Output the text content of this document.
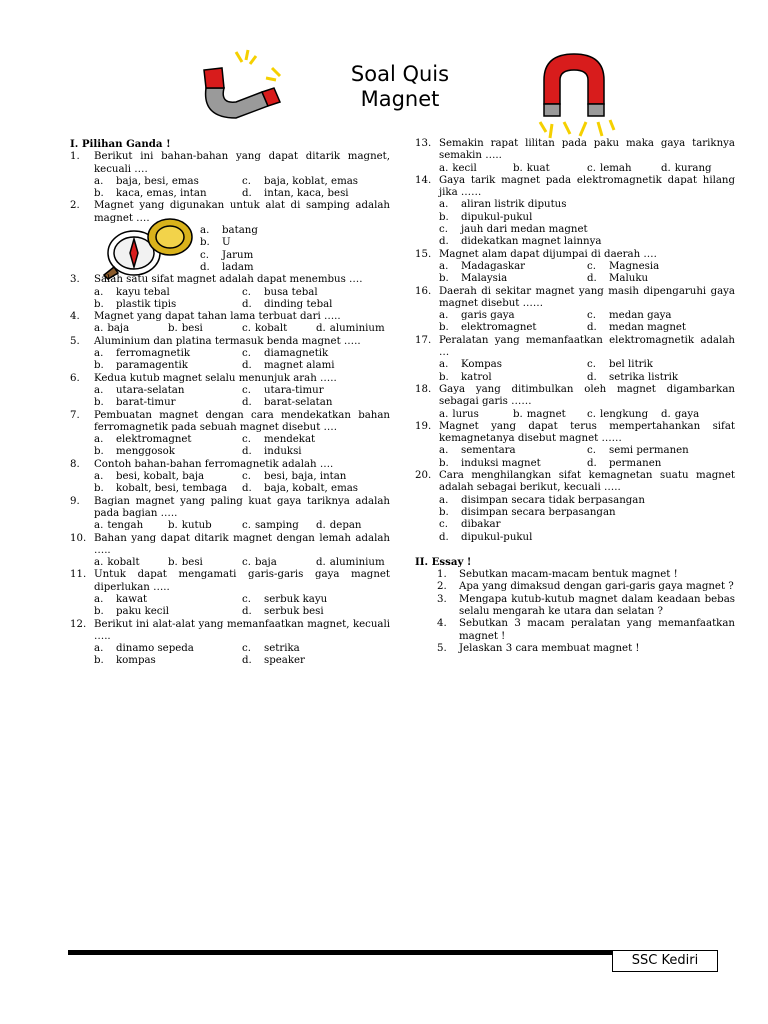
Soal Quis
Magnet
I. Pilihan Ganda !
1.	Berikut ini bahan-bahan yang dapat ditarik magnet, kecuali ….
a.	baja, besi, emas	c.	baja, koblat, emas
b.	kaca, emas, intan	d.	intan, kaca, besi
2.	Magnet yang digunakan untuk alat di samping adalah magnet ….
a.	batang
b.	U
c.	Jarum
d.	ladam
3.	Salah satu sifat magnet adalah dapat menembus ….
a.	kayu tebal	c.	busa tebal
b.	plastik tipis	d.	dinding tebal
4.	Magnet yang dapat tahan lama terbuat dari …..
a. baja	b. besi	c. kobalt	d. aluminium
5.	Aluminium dan platina termasuk benda magnet …..
a.	ferromagnetik	c.	diamagnetik
b.	paramagentik	d.	magnet alami
6.	Kedua kutub magnet selalu menunjuk arah …..
a.	utara-selatan	c.	utara-timur
b.	barat-timur	d.	barat-selatan
7.	Pembuatan magnet dengan cara mendekatkan bahan ferromagnetik pada sebuah magnet disebut ….
a.	elektromagnet	c.	mendekat
b.	menggosok	d.	induksi
8.	Contoh bahan-bahan ferromagnetik adalah ….
a.	besi, kobalt, baja	c.	besi, baja, intan
b.	kobalt, besi, tembaga d.	baja, kobalt, emas
9.	Bagian magnet yang paling kuat gaya tariknya adalah pada bagian …..
a. tengah b. kutub	c. samping d. depan
10. Bahan yang dapat ditarik magnet dengan lemah adalah …..
a. kobalt	b. besi	c. baja	d. aluminium
11. Untuk dapat mengamati garis-garis gaya magnet diperlukan …..
a.	kawat	c.	serbuk kayu
b.	paku kecil	d.	serbuk besi
12. Berikut ini alat-alat yang memanfaatkan magnet, kecuali …..
a.	dinamo sepeda	c.	setrika
b.	kompas	d.	speaker
13. Semakin rapat lilitan pada paku maka gaya tariknya semakin …..
a. kecil	b. kuat	c. lemah	d. kurang
14. Gaya tarik magnet pada elektromagnetik dapat hilang jika ……
a.	aliran listrik diputus
b.	dipukul-pukul
c.	jauh dari medan magnet
d.	didekatkan magnet lainnya
15. Magnet alam dapat dijumpai di daerah ….
a.	Madagaskar	c.	Magnesia
b.	Malaysia	d.	Maluku
16. Daerah di sekitar magnet yang masih dipengaruhi gaya magnet disebut ……
a.	garis gaya	c.	medan gaya
b.	elektromagnet	d.	medan magnet
17. Peralatan yang memanfaatkan elektromagnetik adalah …
a.	Kompas	c.	bel litrik
b.	katrol	d.	setrika listrik
18. Gaya yang ditimbulkan oleh magnet digambarkan sebagai garis ……
a. lurus	b. magnet c. lengkung d. gaya
19. Magnet yang dapat terus mempertahankan sifat kemagnetanya disebut magnet ……
a.	sementara	c.	semi permanen
b.	induksi magnet	d.	permanen
20. Cara menghilangkan sifat kemagnetan suatu magnet adalah sebagai berikut, kecuali …..
a.	disimpan secara tidak berpasangan
b.	disimpan secara berpasangan
c.	dibakar
d.	dipukul-pukul
II. Essay !
1.	Sebutkan macam-macam bentuk magnet !
2.	Apa yang dimaksud dengan gari-garis gaya magnet ?
3.	Mengapa kutub-kutub magnet dalam keadaan bebas selalu mengarah ke utara dan selatan ?
4.	Sebutkan 3 macam peralatan yang memanfaatkan magnet !
5.	Jelaskan 3 cara membuat magnet !
SSC Kediri
